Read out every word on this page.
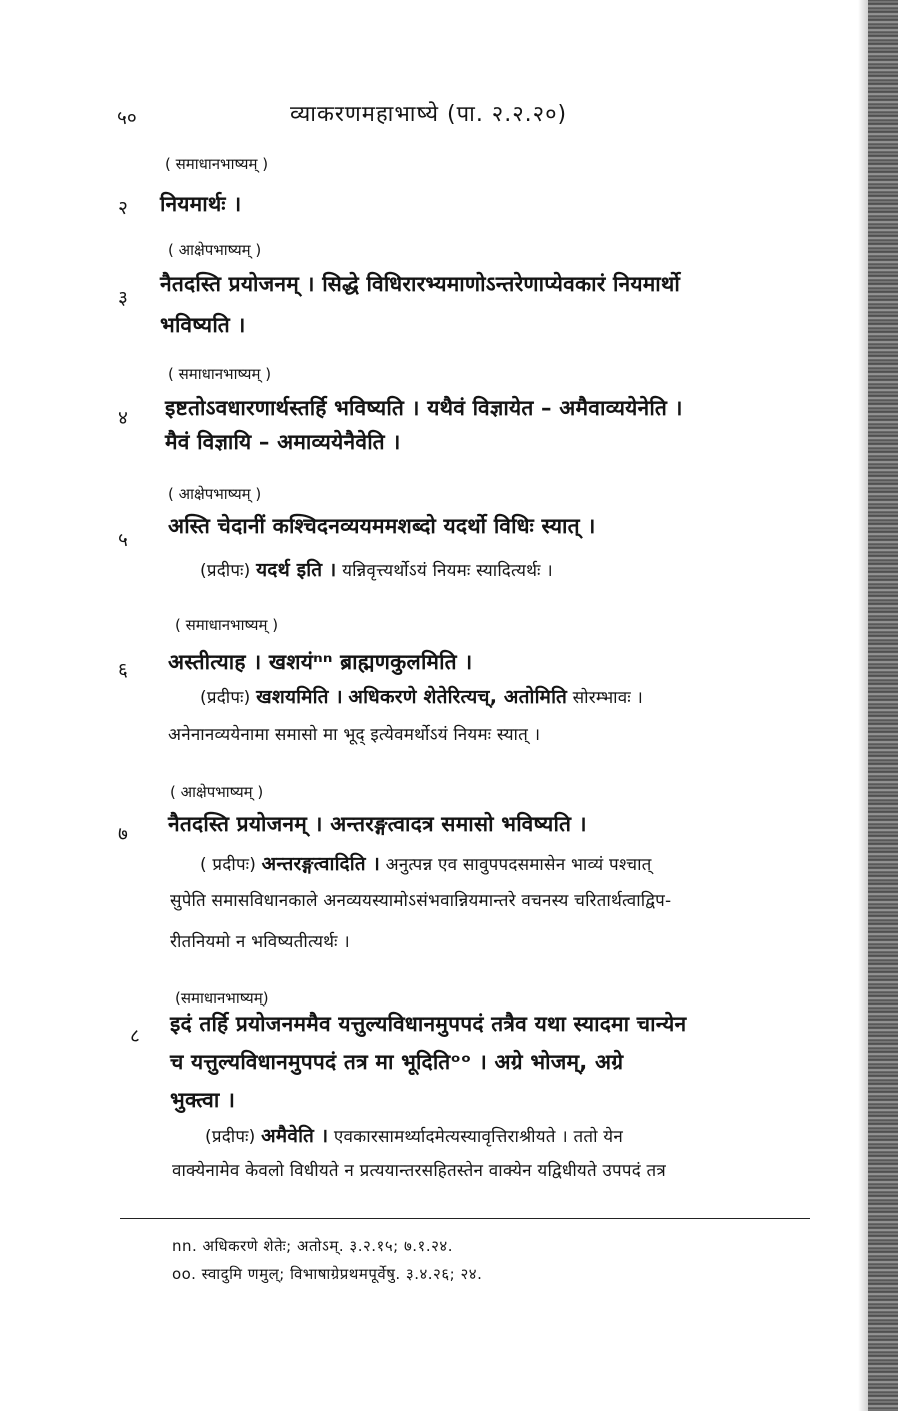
५०	व्याकरणमहाभाष्ये (पा. २.२.२०)
( समाधानभाष्यम् )
२ नियमार्थः ।
( आक्षेपभाष्यम् )
३
नैतदस्ति प्रयोजनम् । सिद्धे विधिरारभ्यमाणोऽन्तरेणाप्येवकारं नियमार्थो
भविष्यति ।
( समाधानभाष्यम् )
४ इष्टतोऽवधारणार्थस्तर्हि भविष्यति । यथैवं विज्ञायेत – अमैवाव्ययेनेति ।
मैवं विज्ञायि – अमाव्ययेनैवेति ।
( आक्षेपभाष्यम् )
५
अस्ति चेदानीं कश्चिदनव्ययममशब्दो यदर्थो विधिः स्यात् ।
(प्रदीपः) यदर्थ इति । यन्निवृत्त्यर्थोऽयं नियमः स्यादित्यर्थः ।
( समाधानभाष्यम् )
६ अस्तीत्याह । खशयंⁿⁿ ब्राह्मणकुलमिति ।
(प्रदीपः) खशयमिति । अधिकरणे शेतेरित्यच्, अतोमिति सोरम्भावः ।
अनेनानव्ययेनामा समासो मा भूद् इत्येवमर्थोऽयं नियमः स्यात् ।
( आक्षेपभाष्यम् )
७ नैतदस्ति प्रयोजनम् । अन्तरङ्गत्वादत्र समासो भविष्यति ।
( प्रदीपः) अन्तरङ्गत्वादिति । अनुत्पन्न एव सावुपपदसमासेन भाव्यं पश्चात्
सुपेति समासविधानकाले अनव्ययस्यामोऽसंभवान्नियमान्तरे वचनस्य चरितार्थत्वाद्विप-
रीतनियमो न भविष्यतीत्यर्थः ।
(समाधानभाष्यम्)
८ इदं तर्हि प्रयोजनममैव यत्तुल्यविधानमुपपदं तत्रैव यथा स्यादमा चान्येन
च यत्तुल्यविधानमुपपदं तत्र मा भूदितिᵒᵒ । अग्रे भोजम्, अग्रे
भुक्त्वा ।
(प्रदीपः) अमैवेति । एवकारसामर्थ्यादमेत्यस्यावृत्तिराश्रीयते । ततो येन
वाक्येनामेव केवलो विधीयते न प्रत्ययान्तरसहितस्तेन वाक्येन यद्विधीयते उपपदं तत्र
nn. अधिकरणे शेतेः; अतोऽम्. ३.२.१५; ७.१.२४.
oo. स्वादुमि णमुल्; विभाषाग्रेप्रथमपूर्वेषु. ३.४.२६; २४.
